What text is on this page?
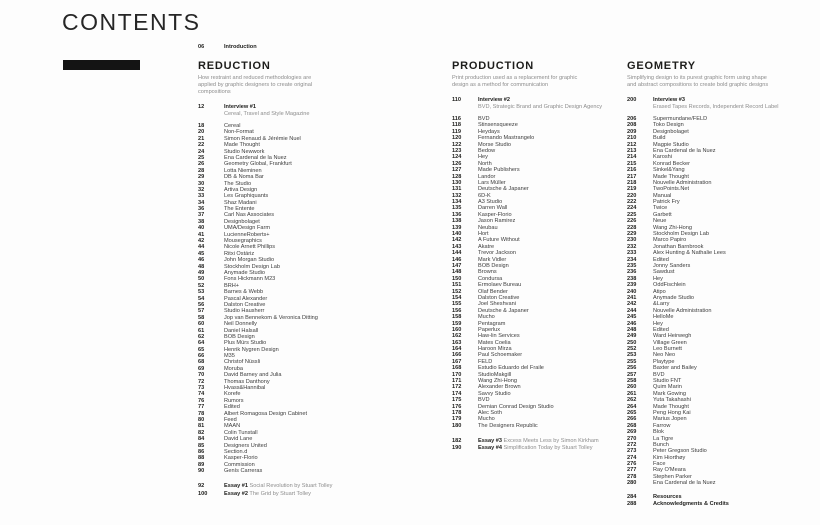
CONTENTS
06	Introduction
REDUCTION

How restraint and reduced methodologies are applied by graphic designers to create original compositions

12	Interview #1
Cereal, Travel and Style Magazine
18	Cereal
20	Non-Format
21	Simon Renaud & Jérémie Nuel
22	Made Thought
24	Studio Newwork
25	Ena Cardenal de la Nuez
26	Geometry Global, Frankfurt
28	Lotta Nieminen
29	DB & Noma Bar
30	The Studio
32	Artiva Design
33	Les Graphiquants
34	Shaz Madani
36	The Entente
37	Carl Nas Associates
38	Designbolaget
40	UMA/Design Farm
41	LucienneRoberts+
42	Mousegraphics
44	Nicole Arnett Phillips
45	Ritxi Ostáriz
46	John Morgan Studio
48	Stockholm Design Lab
49	Anymade Studio
50	Fons Hickmann M23
52	BRH+
53	Barnes & Webb
54	Pascal Alexander
56	Dalston Creative
57	Studio Hausherr
58	Jop van Bennekom & Veronica Ditting
60	Neil Donnelly
61	Daniel Halsall
62	BOB Design
64	Plus Mürs Studio
65	Henrik Nygren Design
66	M35
68	Christof Nüssli
69	Moruba
70	David Barney and Julia
72	Thomas Danthony
73	Hvass&Hannibal
74	Korefe
76	Rumors
77	Edited
78	Albert Romagosa Design Cabinet
80	Feed
81	MAAN
82	Colin Tunstall
84	David Lane
85	Designers United
86	Section.d
88	Kasper-Florio
89	Commission
90	Genís Carreras
92	Essay #1 Social Revolution by Stuart Tolley
100	Essay #2 The Grid by Stuart Tolley
PRODUCTION

Print production used as a replacement for graphic design as a method for communication

110	Interview #2
BVD, Strategic Brand and Graphic Design Agency
116	BVD
118	Stinsensqueeze
119	Heydays
120	Fernando Mastrangelo
122	Morse Studio
123	Bedow
124	Hey
126	North
127	Made Publishers
128	Landor
130	Lars Müller
131	Deutsche & Japaner
132	6D-K
134	A3 Studio
135	Darren Wall
136	Kasper-Florio
138	Jason Ramirez
139	Neubau
140	Hort
142	A Future Without
143	Akatre
144	Trevor Jackson
146	Mark Vidler
147	BOB Design
148	Browns
150	Condursa
151	Ermolaev Bureau
152	Olaf Bender
154	Dalston Creative
155	Joel Sheshvani
156	Deutsche & Japaner
158	Mucho
159	Pentagram
160	Paperlux
162	Haw-lin Services
163	Mates Coelia
164	Haroon Mirza
166	Paul Schoemaker
167	FELD
168	Estudio Eduardo del Fraile
170	StudioMakgill
171	Wang Zhi-Hong
172	Alexander Brown
174	Savvy Studio
175	BVD
176	Demian Conrad Design Studio
178	Alec Soth
179	Mucho
180	The Designers Republic
182	Essay #3 Excess Meets Less by Simon Kirkham
190	Essay #4 Simplification Today by Stuart Tolley
GEOMETRY

Simplifying design to its purest graphic form using shape and abstract compositions to create bold graphic designs

200	Interview #3
Erased Tapes Records, Independent Record Label
206	Supermundane/FELD
208	Toko Design
209	Designbolaget
210	Build
212	Magpie Studio
213	Ena Cardenal de la Nuez
214	Karoshi
215	Konrad Becker
216	Sinkel&Yang
217	Made Thought
218	Nouvelle Administration
219	TwoPoints.Net
220	Manual
222	Patrick Fry
224	Twice
225	Garbett
226	Neue
228	Wang Zhi-Hong
229	Stockholm Design Lab
230	Marco Papiro
232	Jonathan Barnbrook
233	Alex Hunting & Nathalie Lees
234	Edited
235	Jonny Sanders
236	Sawdust
238	Hey
239	OddFischlein
240	Atipo
241	Anymade Studio
242	&Larry
244	Nouvelle Administration
245	HelloMe
246	Hey
248	Edited
249	Ward Heirwegh
250	Village Green
252	Leo Burnett
253	Neo Neo
255	Playtype
256	Baxter and Bailey
257	BVD
258	Studio FNT
260	Quim Marin
261	Mark Gowing
262	Yuta Takahashi
264	Made Thought
265	Peng Hong Kai
266	Marius Jopen
268	Farrow
269	Blok
270	La Tigre
272	Bunch
273	Peter Gregson Studio
274	Kim Hiorthøy
276	Face
277	Ray O'Meara
278	Stephen Parker
280	Ena Cardenal de la Nuez
284	Resources
288	Acknowledgments & Credits
